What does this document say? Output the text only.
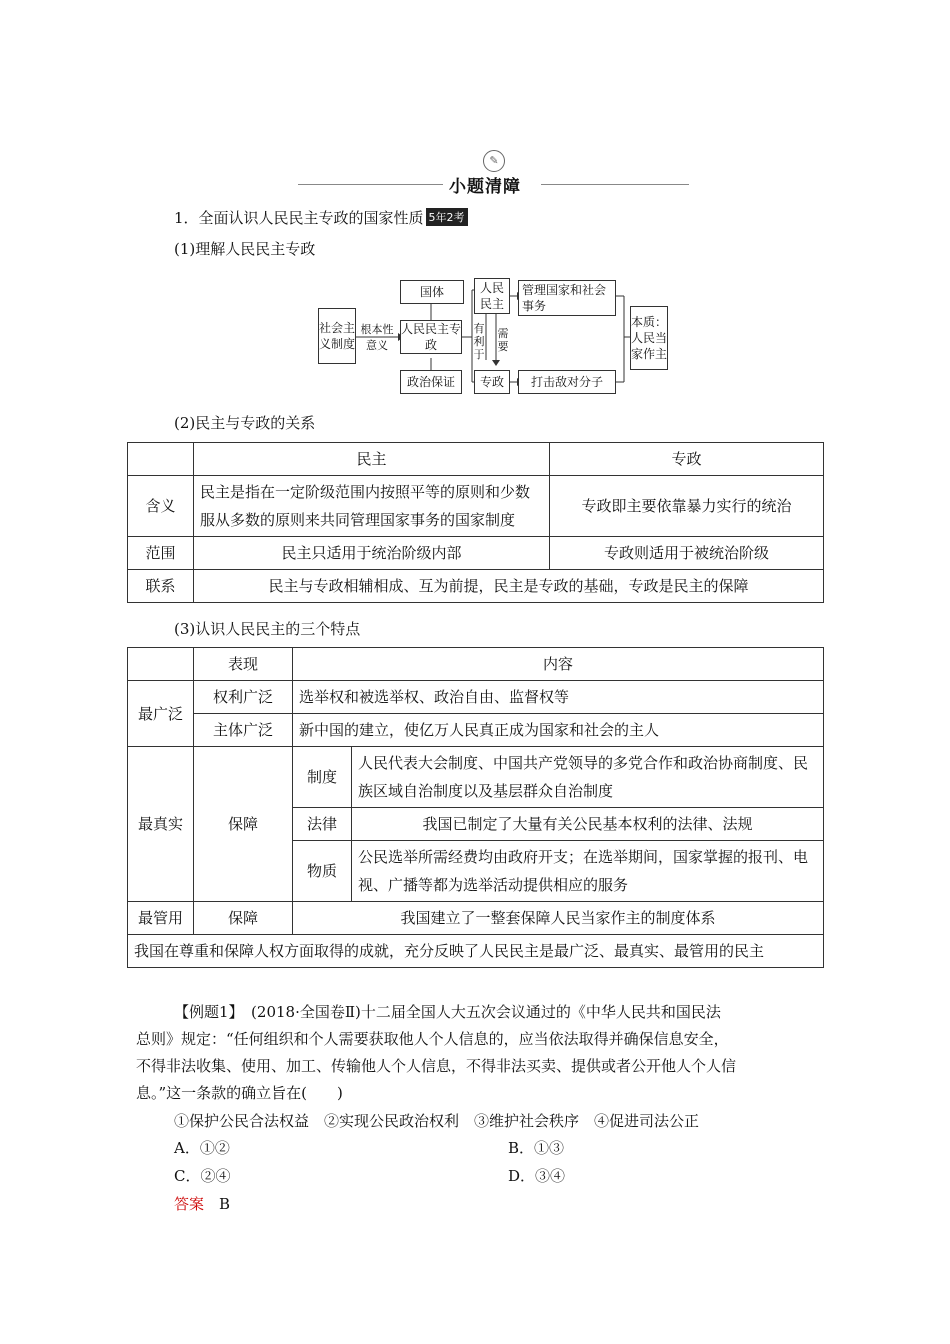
✎
小题清障
1．全面认识人民民主专政的国家性质 5年2考
(1)理解人民民主专政
社会主义制度
根本性意义
国体
人民民主专政
政治保证
人民民主
有利于
需要
专政
管理国家和社会事务
打击敌对分子
本质：人民当家作主
(2)民主与专政的关系
	民主	专政
含义	民主是指在一定阶级范围内按照平等的原则和少数服从多数的原则来共同管理国家事务的国家制度	专政即主要依靠暴力实行的统治
范围	民主只适用于统治阶级内部	专政则适用于被统治阶级
联系	民主与专政相辅相成、互为前提，民主是专政的基础，专政是民主的保障	
(3)认识人民民主的三个特点
	表现	内容	
最广泛	权利广泛	选举权和被选举权、政治自由、监督权等	
	主体广泛	新中国的建立，使亿万人民真正成为国家和社会的主人	
最真实	保障	制度	人民代表大会制度、中国共产党领导的多党合作和政治协商制度、民族区域自治制度以及基层群众自治制度
		法律	我国已制定了大量有关公民基本权利的法律、法规
		物质	公民选举所需经费均由政府开支；在选举期间，国家掌握的报刊、电视、广播等都为选举活动提供相应的服务
最管用	保障	我国建立了一整套保障人民当家作主的制度体系	
我国在尊重和保障人权方面取得的成就，充分反映了人民民主是最广泛、最真实、最管用的民主			
【例题1】　(2018·全国卷Ⅱ)十二届全国人大五次会议通过的《中华人民共和国民法
总则》规定：“任何组织和个人需要获取他人个人信息的，应当依法取得并确保信息安全，
不得非法收集、使用、加工、传输他人个人信息，不得非法买卖、提供或者公开他人个人信
息。”这一条款的确立旨在(　　)
①保护公民合法权益　②实现公民政治权利　③维护社会秩序　④促进司法公正
A．①②	B．①③
C．②④	D．③④
答案　 B
